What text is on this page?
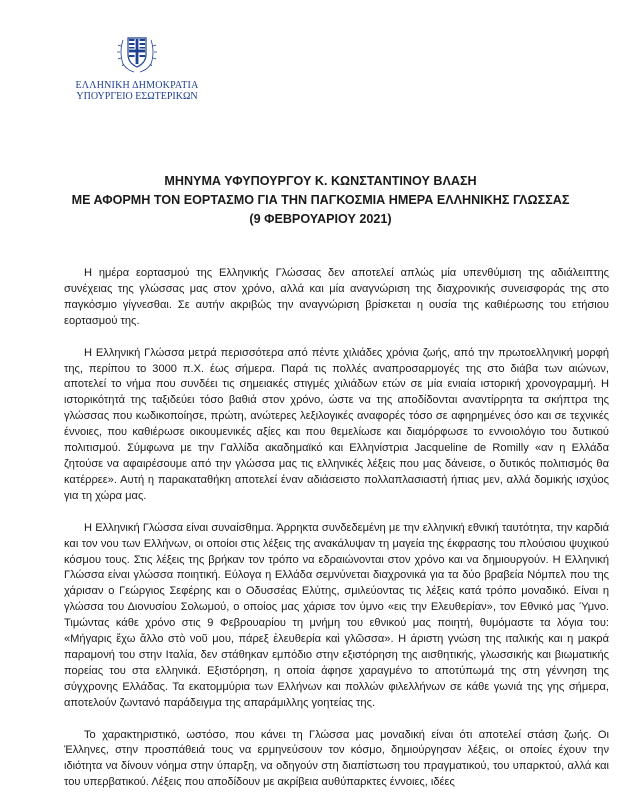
ΕΛΛΗΝΙΚΗ ΔΗΜΟΚΡΑΤΙΑ
ΥΠΟΥΡΓΕΙΟ ΕΣΩΤΕΡΙΚΩΝ
ΜΗΝΥΜΑ ΥΦΥΠΟΥΡΓΟΥ Κ. ΚΩΝΣΤΑΝΤΙΝΟΥ ΒΛΑΣΗ
ΜΕ ΑΦΟΡΜΗ ΤΟΝ ΕΟΡΤΑΣΜΟ ΓΙΑ ΤΗΝ ΠΑΓΚΟΣΜΙΑ ΗΜΕΡΑ ΕΛΛΗΝΙΚΗΣ ΓΛΩΣΣΑΣ
(9 ΦΕΒΡΟΥΑΡΙΟΥ 2021)

Η ημέρα εορτασμού της Ελληνικής Γλώσσας δεν αποτελεί απλώς μία υπενθύμιση της αδιάλειπτης συνέχειας της γλώσσας μας στον χρόνο, αλλά και μία αναγνώριση της διαχρονικής συνεισφοράς της στο παγκόσμιο γίγνεσθαι. Σε αυτήν ακριβώς την αναγνώριση βρίσκεται η ουσία της καθιέρωσης του ετήσιου εορτασμού της.

Η Ελληνική Γλώσσα μετρά περισσότερα από πέντε χιλιάδες χρόνια ζωής, από την πρωτοελληνική μορφή της, περίπου το 3000 π.Χ. έως σήμερα. Παρά τις πολλές αναπροσαρμογές της στο διάβα των αιώνων, αποτελεί το νήμα που συνδέει τις σημειακές στιγμές χιλιάδων ετών σε μία ενιαία ιστορική χρονογραμμή. Η ιστορικότητά της ταξιδεύει τόσο βαθιά στον χρόνο, ώστε να της αποδίδονται αναντίρρητα τα σκήπτρα της γλώσσας που κωδικοποίησε, πρώτη, ανώτερες λεξιλογικές αναφορές τόσο σε αφηρημένες όσο και σε τεχνικές έννοιες, που καθιέρωσε οικουμενικές αξίες και που θεμελίωσε και διαμόρφωσε το εννοιολόγιο του δυτικού πολιτισμού. Σύμφωνα με την Γαλλίδα ακαδημαϊκό και Ελληνίστρια Jacqueline de Romilly «αν η Ελλάδα ζητούσε να αφαιρέσουμε από την γλώσσα μας τις ελληνικές λέξεις που μας δάνεισε, ο δυτικός πολιτισμός θα κατέρρεε». Αυτή η παρακαταθήκη αποτελεί έναν αδιάσειστο πολλαπλασιαστή ήπιας μεν, αλλά δομικής ισχύος για τη χώρα μας.

Η Ελληνική Γλώσσα είναι συναίσθημα. Άρρηκτα συνδεδεμένη με την ελληνική εθνική ταυτότητα, την καρδιά και τον νου των Ελλήνων, οι οποίοι στις λέξεις της ανακάλυψαν τη μαγεία της έκφρασης του πλούσιου ψυχικού κόσμου τους. Στις λέξεις της βρήκαν τον τρόπο να εδραιώνονται στον χρόνο και να δημιουργούν. Η Ελληνική Γλώσσα είναι γλώσσα ποιητική. Εύλογα η Ελλάδα σεμνύνεται διαχρονικά για τα δύο βραβεία Νόμπελ που της χάρισαν ο Γεώργιος Σεφέρης και ο Οδυσσέας Ελύτης, σμιλεύοντας τις λέξεις κατά τρόπο μοναδικό. Είναι η γλώσσα του Διονυσίου Σολωμού, ο οποίος μας χάρισε τον ύμνο «εις την Ελευθερίαν», τον Εθνικό μας Ύμνο. Τιμώντας κάθε χρόνο στις 9 Φεβρουαρίου τη μνήμη του εθνικού μας ποιητή, θυμόμαστε τα λόγια του: «Μήγαρις ἔχω ἄλλο στὸ νοῦ μου, πάρεξ ἐλευθερία καὶ γλῶσσα». Η άριστη γνώση της ιταλικής και η μακρά παραμονή του στην Ιταλία, δεν στάθηκαν εμπόδιο στην εξιστόρηση της αισθητικής, γλωσσικής και βιωματικής πορείας του στα ελληνικά. Εξιστόρηση, η οποία άφησε χαραγμένο το αποτύπωμά της στη γέννηση της σύγχρονης Ελλάδας. Τα εκατομμύρια των Ελλήνων και πολλών φιλελλήνων σε κάθε γωνιά της γης σήμερα, αποτελούν ζωντανό παράδειγμα της απαράμιλλης γοητείας της.

Το χαρακτηριστικό, ωστόσο, που κάνει τη Γλώσσα μας μοναδική είναι ότι αποτελεί στάση ζωής. Οι Έλληνες, στην προσπάθειά τους να ερμηνεύσουν τον κόσμο, δημιούργησαν λέξεις, οι οποίες έχουν την ιδιότητα να δίνουν νόημα στην ύπαρξη, να οδηγούν στη διαπίστωση του πραγματικού, του υπαρκτού, αλλά και του υπερβατικού. Λέξεις που αποδίδουν με ακρίβεια αυθύπαρκτες έννοιες, ιδέες
